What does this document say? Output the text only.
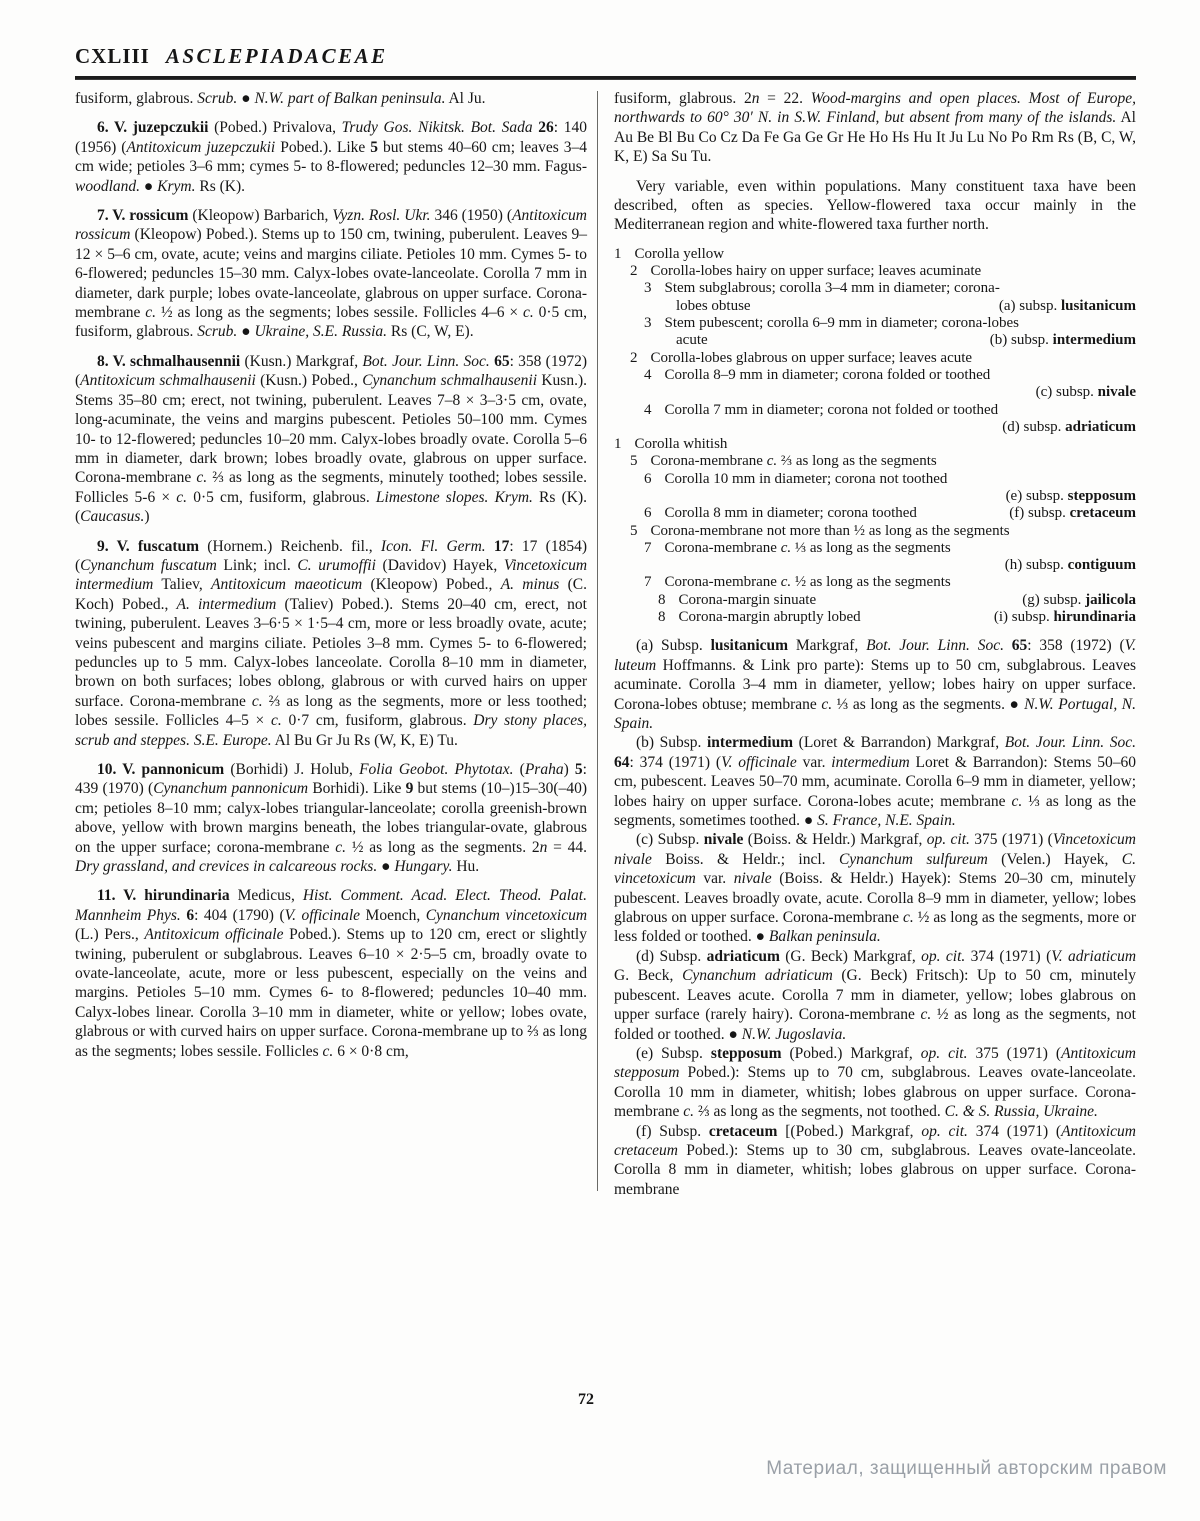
CXLIII ASCLEPIADACEAE

fusiform, glabrous. Scrub. ● N.W. part of Balkan peninsula. Al Ju.

6. V. juzepczukii (Pobed.) Privalova, Trudy Gos. Nikitsk. Bot. Sada 26: 140 (1956) (Antitoxicum juzepczukii Pobed.). Like 5 but stems 40–60 cm; leaves 3–4 cm wide; petioles 3–6 mm; cymes 5- to 8-flowered; peduncles 12–30 mm. Fagus-woodland. ● Krym. Rs (K).

7. V. rossicum (Kleopow) Barbarich, Vyzn. Rosl. Ukr. 346 (1950) (Antitoxicum rossicum (Kleopow) Pobed.). Stems up to 150 cm, twining, puberulent. Leaves 9–12 × 5–6 cm, ovate, acute; veins and margins ciliate. Petioles 10 mm. Cymes 5- to 6-flowered; peduncles 15–30 mm. Calyx-lobes ovate-lanceolate. Corolla 7 mm in diameter, dark purple; lobes ovate-lanceolate, glabrous on upper surface. Corona-membrane c. ½ as long as the segments; lobes sessile. Follicles 4–6 × c. 0·5 cm, fusiform, glabrous. Scrub. ● Ukraine, S.E. Russia. Rs (C, W, E).

8. V. schmalhausennii (Kusn.) Markgraf, Bot. Jour. Linn. Soc. 65: 358 (1972) (Antitoxicum schmalhausenii (Kusn.) Pobed., Cynanchum schmalhausenii Kusn.). Stems 35–80 cm; erect, not twining, puberulent. Leaves 7–8 × 3–3·5 cm, ovate, long-acuminate, the veins and margins pubescent. Petioles 50–100 mm. Cymes 10- to 12-flowered; peduncles 10–20 mm. Calyx-lobes broadly ovate. Corolla 5–6 mm in diameter, dark brown; lobes broadly ovate, glabrous on upper surface. Corona-membrane c. ⅔ as long as the segments, minutely toothed; lobes sessile. Follicles 5-6 × c. 0·5 cm, fusiform, glabrous. Limestone slopes. Krym. Rs (K). (Caucasus.)

9. V. fuscatum (Hornem.) Reichenb. fil., Icon. Fl. Germ. 17: 17 (1854) (Cynanchum fuscatum Link; incl. C. urumoffii (Davidov) Hayek, Vincetoxicum intermedium Taliev, Antitoxicum maeoticum (Kleopow) Pobed., A. minus (C. Koch) Pobed., A. intermedium (Taliev) Pobed.). Stems 20–40 cm, erect, not twining, puberulent. Leaves 3–6·5 × 1·5–4 cm, more or less broadly ovate, acute; veins pubescent and margins ciliate. Petioles 3–8 mm. Cymes 5- to 6-flowered; peduncles up to 5 mm. Calyx-lobes lanceolate. Corolla 8–10 mm in diameter, brown on both surfaces; lobes oblong, glabrous or with curved hairs on upper surface. Corona-membrane c. ⅔ as long as the segments, more or less toothed; lobes sessile. Follicles 4–5 × c. 0·7 cm, fusiform, glabrous. Dry stony places, scrub and steppes. S.E. Europe. Al Bu Gr Ju Rs (W, K, E) Tu.

10. V. pannonicum (Borhidi) J. Holub, Folia Geobot. Phytotax. (Praha) 5: 439 (1970) (Cynanchum pannonicum Borhidi). Like 9 but stems (10–)15–30(–40) cm; petioles 8–10 mm; calyx-lobes triangular-lanceolate; corolla greenish-brown above, yellow with brown margins beneath, the lobes triangular-ovate, glabrous on the upper surface; corona-membrane c. ½ as long as the segments. 2n = 44. Dry grassland, and crevices in calcareous rocks. ● Hungary. Hu.

11. V. hirundinaria Medicus, Hist. Comment. Acad. Elect. Theod. Palat. Mannheim Phys. 6: 404 (1790) (V. officinale Moench, Cynanchum vincetoxicum (L.) Pers., Antitoxicum officinale Pobed.). Stems up to 120 cm, erect or slightly twining, puberulent or subglabrous. Leaves 6–10 × 2·5–5 cm, broadly ovate to ovate-lanceolate, acute, more or less pubescent, especially on the veins and margins. Petioles 5–10 mm. Cymes 6- to 8-flowered; peduncles 10–40 mm. Calyx-lobes linear. Corolla 3–10 mm in diameter, white or yellow; lobes ovate, glabrous or with curved hairs on upper surface. Corona-membrane up to ⅔ as long as the segments; lobes sessile. Follicles c. 6 × 0·8 cm,

fusiform, glabrous. 2n = 22. Wood-margins and open places. Most of Europe, northwards to 60° 30′ N. in S.W. Finland, but absent from many of the islands. Al Au Be Bl Bu Co Cz Da Fe Ga Ge Gr He Ho Hs Hu It Ju Lu No Po Rm Rs (B, C, W, K, E) Sa Su Tu.

Very variable, even within populations. Many constituent taxa have been described, often as species. Yellow-flowered taxa occur mainly in the Mediterranean region and white-flowered taxa further north.

1 Corolla yellow
2 Corolla-lobes hairy on upper surface; leaves acuminate
3 Stem subglabrous; corolla 3–4 mm in diameter; corona-
lobes obtuse	(a) subsp. lusitanicum
3 Stem pubescent; corolla 6–9 mm in diameter; corona-lobes
acute	(b) subsp. intermedium
2 Corolla-lobes glabrous on upper surface; leaves acute
4 Corolla 8–9 mm in diameter; corona folded or toothed
(c) subsp. nivale
4 Corolla 7 mm in diameter; corona not folded or toothed
(d) subsp. adriaticum
1 Corolla whitish
5 Corona-membrane c. ⅔ as long as the segments
6 Corolla 10 mm in diameter; corona not toothed
(e) subsp. stepposum
6 Corolla 8 mm in diameter; corona toothed	(f) subsp. cretaceum
5 Corona-membrane not more than ½ as long as the segments
7 Corona-membrane c. ⅓ as long as the segments
(h) subsp. contiguum
7 Corona-membrane c. ½ as long as the segments
8 Corona-margin sinuate	(g) subsp. jailicola
8 Corona-margin abruptly lobed	(i) subsp. hirundinaria

(a) Subsp. lusitanicum Markgraf, Bot. Jour. Linn. Soc. 65: 358 (1972) (V. luteum Hoffmanns. & Link pro parte): Stems up to 50 cm, subglabrous. Leaves acuminate. Corolla 3–4 mm in diameter, yellow; lobes hairy on upper surface. Corona-lobes obtuse; membrane c. ⅓ as long as the segments. ● N.W. Portugal, N. Spain.

(b) Subsp. intermedium (Loret & Barrandon) Markgraf, Bot. Jour. Linn. Soc. 64: 374 (1971) (V. officinale var. intermedium Loret & Barrandon): Stems 50–60 cm, pubescent. Leaves 50–70 mm, acuminate. Corolla 6–9 mm in diameter, yellow; lobes hairy on upper surface. Corona-lobes acute; membrane c. ⅓ as long as the segments, sometimes toothed. ● S. France, N.E. Spain.

(c) Subsp. nivale (Boiss. & Heldr.) Markgraf, op. cit. 375 (1971) (Vincetoxicum nivale Boiss. & Heldr.; incl. Cynanchum sulfureum (Velen.) Hayek, C. vincetoxicum var. nivale (Boiss. & Heldr.) Hayek): Stems 20–30 cm, minutely pubescent. Leaves broadly ovate, acute. Corolla 8–9 mm in diameter, yellow; lobes glabrous on upper surface. Corona-membrane c. ½ as long as the segments, more or less folded or toothed. ● Balkan peninsula.

(d) Subsp. adriaticum (G. Beck) Markgraf, op. cit. 374 (1971) (V. adriaticum G. Beck, Cynanchum adriaticum (G. Beck) Fritsch): Up to 50 cm, minutely pubescent. Leaves acute. Corolla 7 mm in diameter, yellow; lobes glabrous on upper surface (rarely hairy). Corona-membrane c. ½ as long as the segments, not folded or toothed. ● N.W. Jugoslavia.

(e) Subsp. stepposum (Pobed.) Markgraf, op. cit. 375 (1971) (Antitoxicum stepposum Pobed.): Stems up to 70 cm, subglabrous. Leaves ovate-lanceolate. Corolla 10 mm in diameter, whitish; lobes glabrous on upper surface. Corona-membrane c. ⅔ as long as the segments, not toothed. C. & S. Russia, Ukraine.

(f) Subsp. cretaceum [(Pobed.) Markgraf, op. cit. 374 (1971) (Antitoxicum cretaceum Pobed.): Stems up to 30 cm, subglabrous. Leaves ovate-lanceolate. Corolla 8 mm in diameter, whitish; lobes glabrous on upper surface. Corona-membrane

72
Материал, защищенный авторским правом
